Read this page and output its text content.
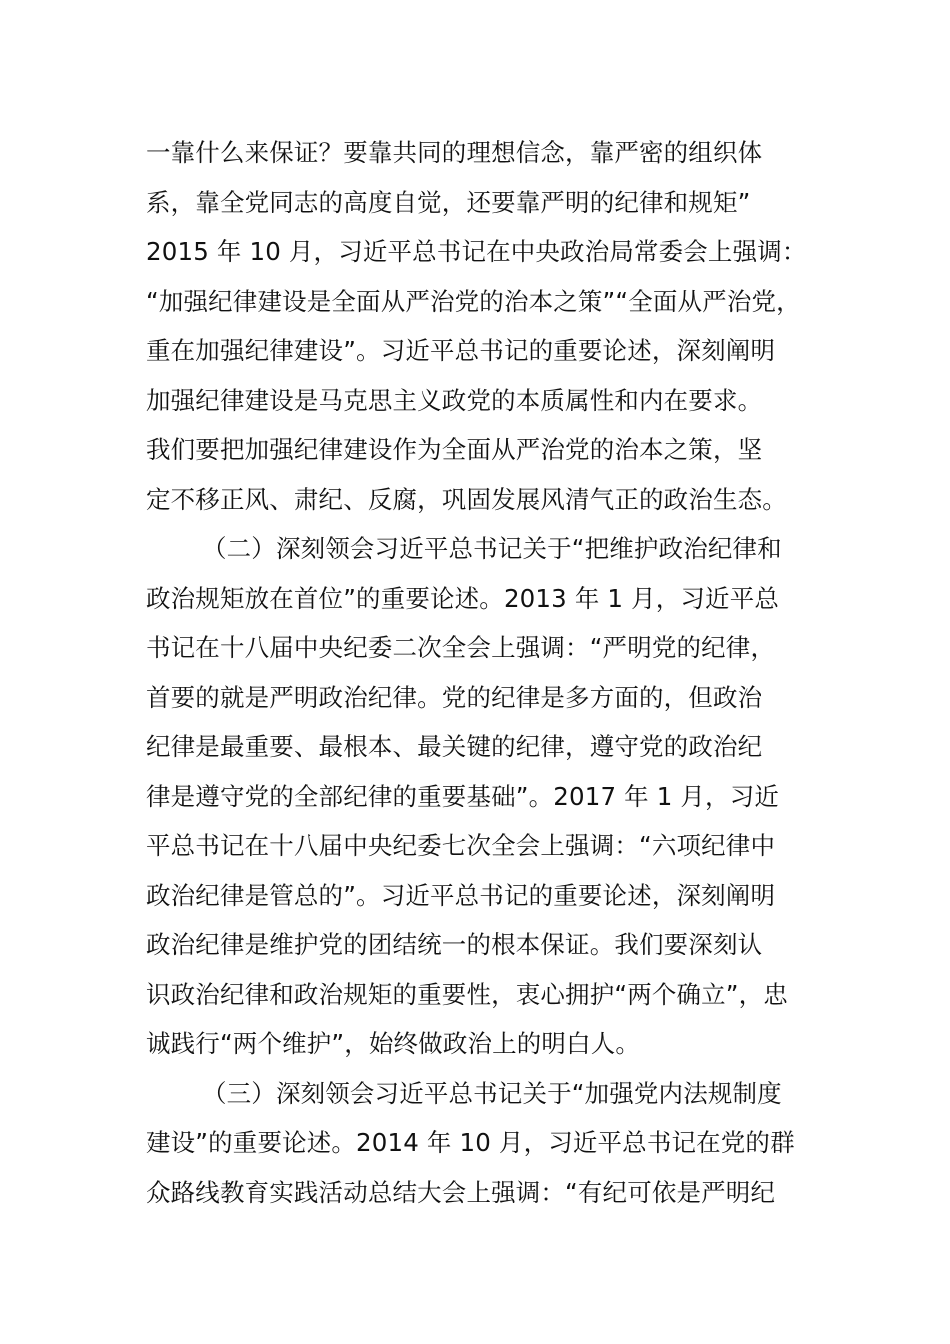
一靠什么来保证？要靠共同的理想信念，靠严密的组织体
系，靠全党同志的高度自觉，还要靠严明的纪律和规矩”
2015 年 10 月，习近平总书记在中央政治局常委会上强调：
“加强纪律建设是全面从严治党的治本之策”“全面从严治党，
重在加强纪律建设”。习近平总书记的重要论述，深刻阐明
加强纪律建设是马克思主义政党的本质属性和内在要求。
我们要把加强纪律建设作为全面从严治党的治本之策，坚
定不移正风、肃纪、反腐，巩固发展风清气正的政治生态。
（二）深刻领会习近平总书记关于“把维护政治纪律和
政治规矩放在首位”的重要论述。2013 年 1 月，习近平总
书记在十八届中央纪委二次全会上强调：“严明党的纪律，
首要的就是严明政治纪律。党的纪律是多方面的，但政治
纪律是最重要、最根本、最关键的纪律，遵守党的政治纪
律是遵守党的全部纪律的重要基础”。2017 年 1 月，习近
平总书记在十八届中央纪委七次全会上强调：“六项纪律中
政治纪律是管总的”。习近平总书记的重要论述，深刻阐明
政治纪律是维护党的团结统一的根本保证。我们要深刻认
识政治纪律和政治规矩的重要性，衷心拥护“两个确立”，忠
诚践行“两个维护”，始终做政治上的明白人。
（三）深刻领会习近平总书记关于“加强党内法规制度
建设”的重要论述。2014 年 10 月，习近平总书记在党的群
众路线教育实践活动总结大会上强调：“有纪可依是严明纪
